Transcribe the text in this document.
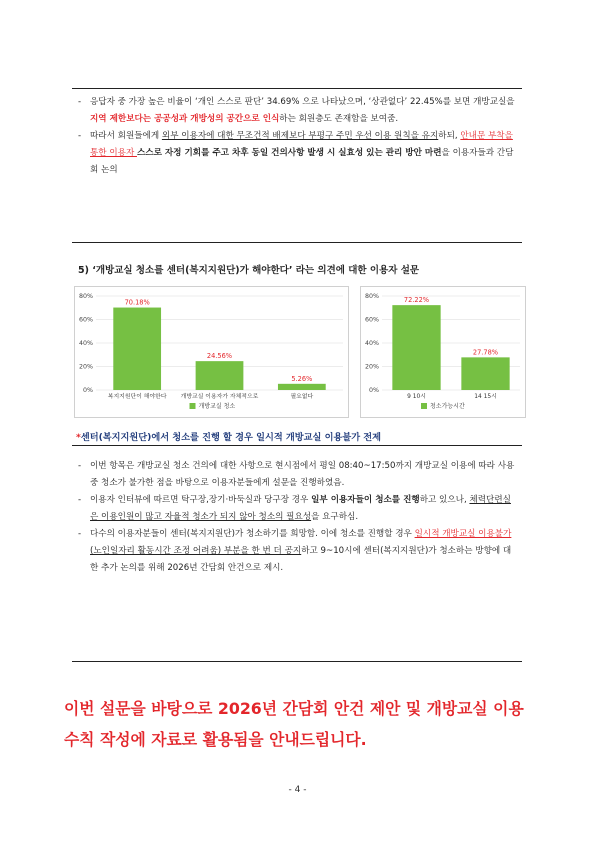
- 응답자 중 가장 높은 비율이 ‘개인 스스로 판단’ 34.69% 으로 나타났으며, ‘상관없다’ 22.45%를 보면 개방교실을 지역 제한보다는 공공성과 개방성의 공간으로 인식하는 회원층도 존재함을 보여줌.
- 따라서 회원들에게 외부 이용자에 대한 무조건적 배제보다 부평구 주민 우선 이용 원칙을 유지하되, 안내문 부착을 통한 이용자 스스로 자정 기회를 주고 차후 동일 건의사항 발생 시 실효성 있는 관리 방안 마련을 이용자들과 간담회 논의
5) ‘개방교실 청소를 센터(복지지원단)가 해야한다’ 라는 의견에 대한 이용자 설문
0%
20%
40%
60%
80%
70.18%
복지지원단이 해야한다
24.56%
개방교실 이용자가 자체적으로
5.26%
필요없다
개방교실 청소
0%
20%
40%
60%
80%	72.22%
9 10시
27.78%
14 15시
청소가능시간
*센터(복지지원단)에서 청소를 진행 할 경우 일시적 개방교실 이용불가 전제
- 이번 항목은 개방교실 청소 건의에 대한 사항으로 현시점에서 평일 08:40~17:50까지 개방교실 이용에 따라 사용중 청소가 불가한 점을 바탕으로 이용자분들에게 설문을 진행하였음.
- 이용자 인터뷰에 따르면 탁구장,장기·바둑실과 당구장 경우 일부 이용자들이 청소를 진행하고 있으나, 체력단련실은 이용인원이 많고 자율적 청소가 되지 않아 청소의 필요성을 요구하심.
- 다수의 이용자분들이 센터(복지지원단)가 청소하기를 희망함. 이에 청소를 진행할 경우 일시적 개방교실 이용불가 (노인일자리 활동시간 조정 어려움) 부분을 한 번 더 공지하고 9~10시에 센터(복지지원단)가 청소하는 방향에 대한 추가 논의를 위해 2026년 간담회 안건으로 제시.
이번 설문을 바탕으로 2026년 간담회 안건 제안 및 개방교실 이용 수칙 작성에 자료로 활용됨을 안내드립니다.
- 4 -
